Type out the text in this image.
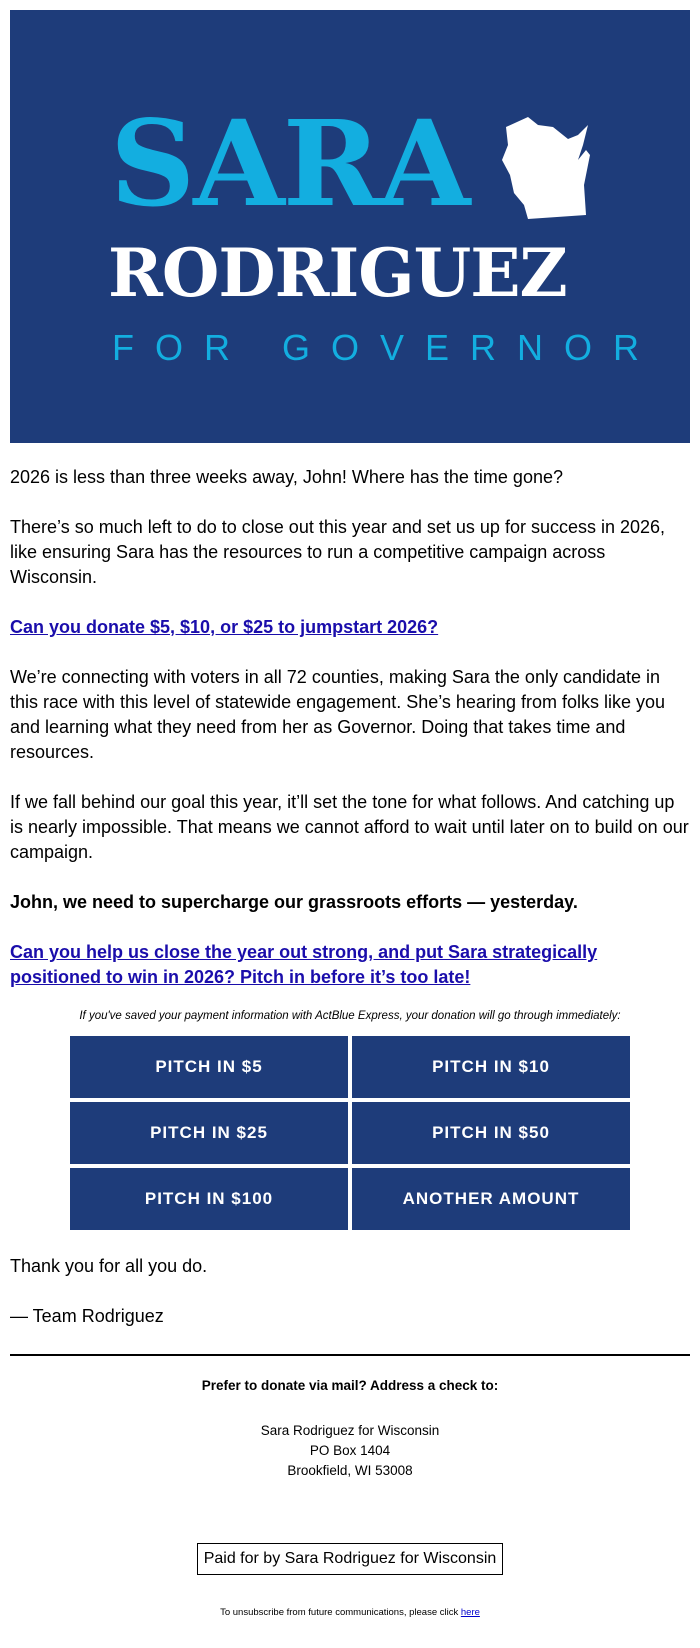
SARA
RODRIGUEZ
FOR GOVERNOR

2026 is less than three weeks away, John! Where has the time gone?

There’s so much left to do to close out this year and set us up for success in 2026, like ensuring Sara has the resources to run a competitive campaign across Wisconsin.

Can you donate $5, $10, or $25 to jumpstart 2026?

We’re connecting with voters in all 72 counties, making Sara the only candidate in this race with this level of statewide engagement. She’s hearing from folks like you and learning what they need from her as Governor. Doing that takes time and resources.

If we fall behind our goal this year, it’ll set the tone for what follows. And catching up is nearly impossible. That means we cannot afford to wait until later on to build on our campaign.

John, we need to supercharge our grassroots efforts — yesterday.

Can you help us close the year out strong, and put Sara strategically positioned to win in 2026? Pitch in before it’s too late!

If you've saved your payment information with ActBlue Express, your donation will go through immediately:
PITCH IN $5	PITCH IN $10
PITCH IN $25	PITCH IN $50
PITCH IN $100	ANOTHER AMOUNT

Thank you for all you do.

— Team Rodriguez

Prefer to donate via mail? Address a check to:
Sara Rodriguez for Wisconsin
PO Box 1404
Brookfield, WI 53008
Paid for by Sara Rodriguez for Wisconsin
To unsubscribe from future communications, please click here
